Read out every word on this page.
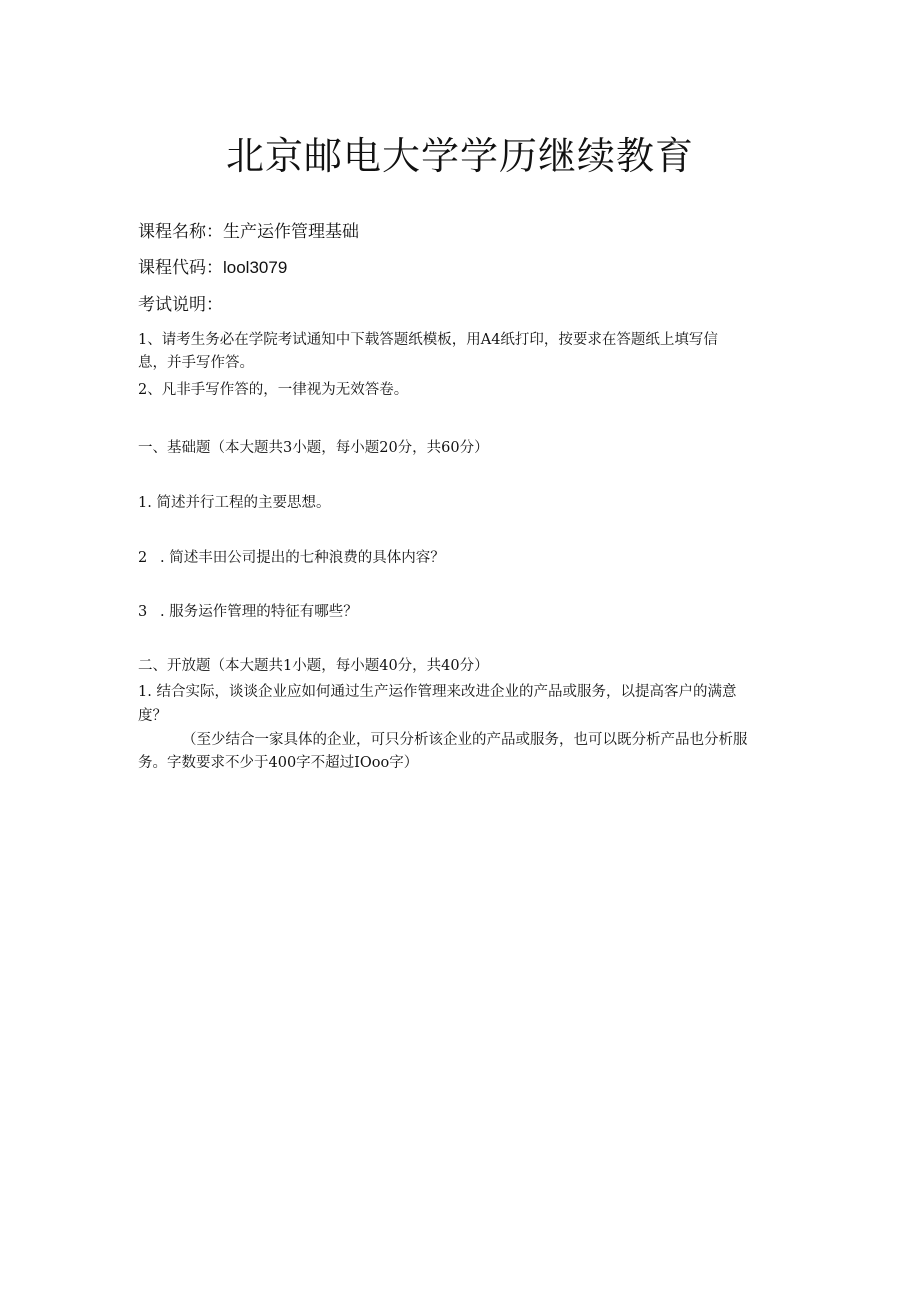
北京邮电大学学历继续教育
课程名称：生产运作管理基础
课程代码：lool3079
考试说明：
1、请考生务必在学院考试通知中下载答题纸模板，用A4纸打印，按要求在答题纸上填写信
息，并手写作答。
2、凡非手写作答的，一律视为无效答卷。
一、基础题（本大题共3小题，每小题20分，共60分）
1. 简述并行工程的主要思想。
2 . 简述丰田公司提出的七种浪费的具体内容？
3 . 服务运作管理的特征有哪些？
二、开放题（本大题共1小题，每小题40分，共40分）
1. 结合实际，谈谈企业应如何通过生产运作管理来改进企业的产品或服务，以提高客户的满意
度？
（至少结合一家具体的企业，可只分析该企业的产品或服务，也可以既分析产品也分析服
务。字数要求不少于400字不超过IOoo字）
